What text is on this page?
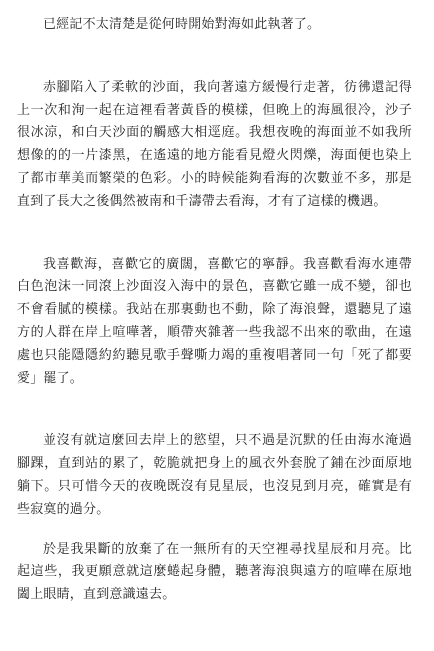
已經記不太清楚是從何時開始對海如此執著了。

赤腳陷入了柔軟的沙面，我向著遠方緩慢行走著，彷彿還記得上一次和洵一起在這裡看著黃昏的模樣，但晚上的海風很冷，沙子很冰涼，和白天沙面的觸感大相逕庭。我想夜晚的海面並不如我所想像的的一片漆黑，在遙遠的地方能看見燈火閃爍，海面便也染上了都市華美而繁榮的色彩。小的時候能夠看海的次數並不多，那是直到了長大之後偶然被南和千濤帶去看海，才有了這樣的機遇。

我喜歡海，喜歡它的廣闊，喜歡它的寧靜。我喜歡看海水連帶白色泡沫一同滾上沙面沒入海中的景色，喜歡它雖一成不變，卻也不會看膩的模樣。我站在那裏動也不動，除了海浪聲，還聽見了遠方的人群在岸上喧嘩著，順帶夾雜著一些我認不出來的歌曲，在遠處也只能隱隱約約聽見歌手聲嘶力竭的重複唱著同一句「死了都要愛」罷了。

並沒有就這麼回去岸上的慾望，只不過是沉默的任由海水淹過腳踝，直到站的累了，乾脆就把身上的風衣外套脫了鋪在沙面原地躺下。只可惜今天的夜晚既沒有見星辰，也沒見到月亮，確實是有些寂寞的過分。

於是我果斷的放棄了在一無所有的天空裡尋找星辰和月亮。比起這些，我更願意就這麼蜷起身體，聽著海浪與遠方的喧嘩在原地闔上眼睛，直到意識遠去。
